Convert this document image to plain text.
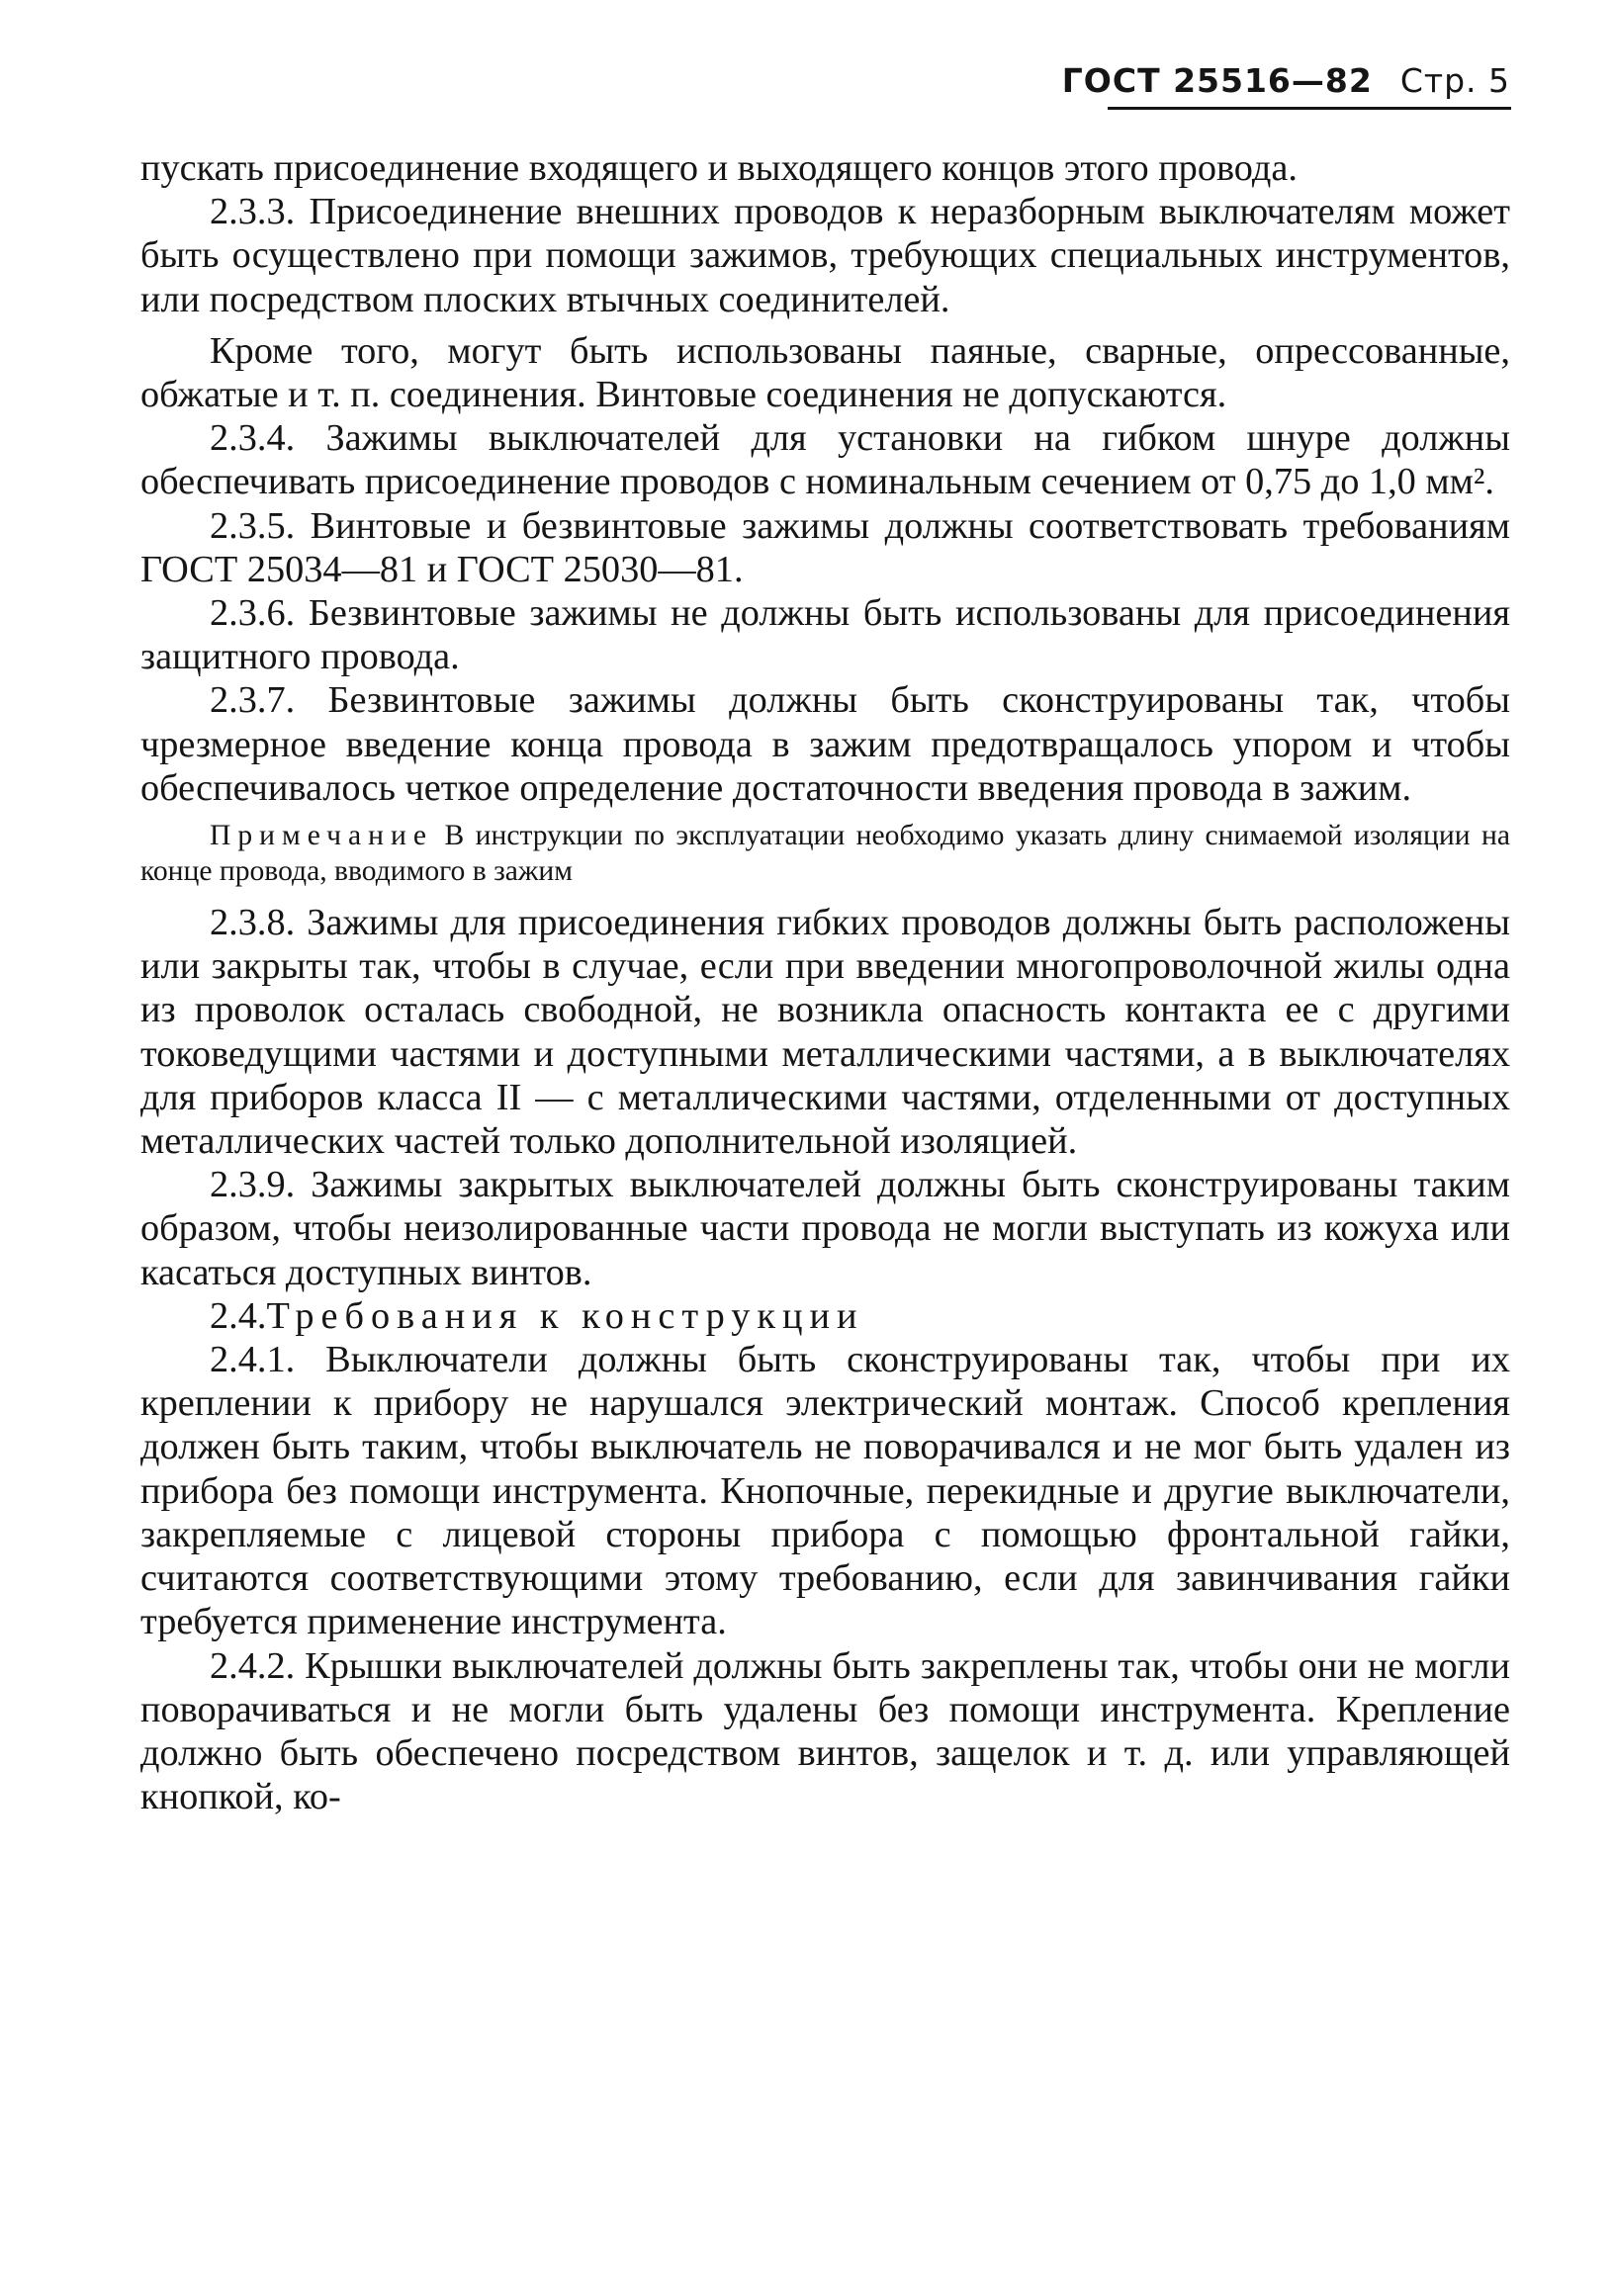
ГОСТ 25516—82 Стр. 5

пускать присоединение входящего и выходящего концов этого провода.

2.3.3. Присоединение внешних проводов к неразборным выключателям может быть осуществлено при помощи зажимов, требующих специальных инструментов, или посредством плоских втычных соединителей.

Кроме того, могут быть использованы паяные, сварные, опрессованные, обжатые и т. п. соединения. Винтовые соединения не допускаются.

2.3.4. Зажимы выключателей для установки на гибком шнуре должны обеспечивать присоединение проводов с номинальным сечением от 0,75 до 1,0 мм².

2.3.5. Винтовые и безвинтовые зажимы должны соответствовать требованиям ГОСТ 25034—81 и ГОСТ 25030—81.

2.3.6. Безвинтовые зажимы не должны быть использованы для присоединения защитного провода.

2.3.7. Безвинтовые зажимы должны быть сконструированы так, чтобы чрезмерное введение конца провода в зажим предотвращалось упором и чтобы обеспечивалось четкое определение достаточности введения провода в зажим.

Примечание В инструкции по эксплуатации необходимо указать длину снимаемой изоляции на конце провода, вводимого в зажим

2.3.8. Зажимы для присоединения гибких проводов должны быть расположены или закрыты так, чтобы в случае, если при введении многопроволочной жилы одна из проволок осталась свободной, не возникла опасность контакта ее с другими токоведущими частями и доступными металлическими частями, а в выключателях для приборов класса II — с металлическими частями, отделенными от доступных металлических частей только дополнительной изоляцией.

2.3.9. Зажимы закрытых выключателей должны быть сконструированы таким образом, чтобы неизолированные части провода не могли выступать из кожуха или касаться доступных винтов.

2.4.Требования к конструкции

2.4.1. Выключатели должны быть сконструированы так, чтобы при их креплении к прибору не нарушался электрический монтаж. Способ крепления должен быть таким, чтобы выключатель не поворачивался и не мог быть удален из прибора без помощи инструмента. Кнопочные, перекидные и другие выключатели, закрепляемые с лицевой стороны прибора с помощью фронтальной гайки, считаются соответствующими этому требованию, если для завинчивания гайки требуется применение инструмента.

2.4.2. Крышки выключателей должны быть закреплены так, чтобы они не могли поворачиваться и не могли быть удалены без помощи инструмента. Крепление должно быть обеспечено посредством винтов, защелок и т. д. или управляющей кнопкой, ко-
